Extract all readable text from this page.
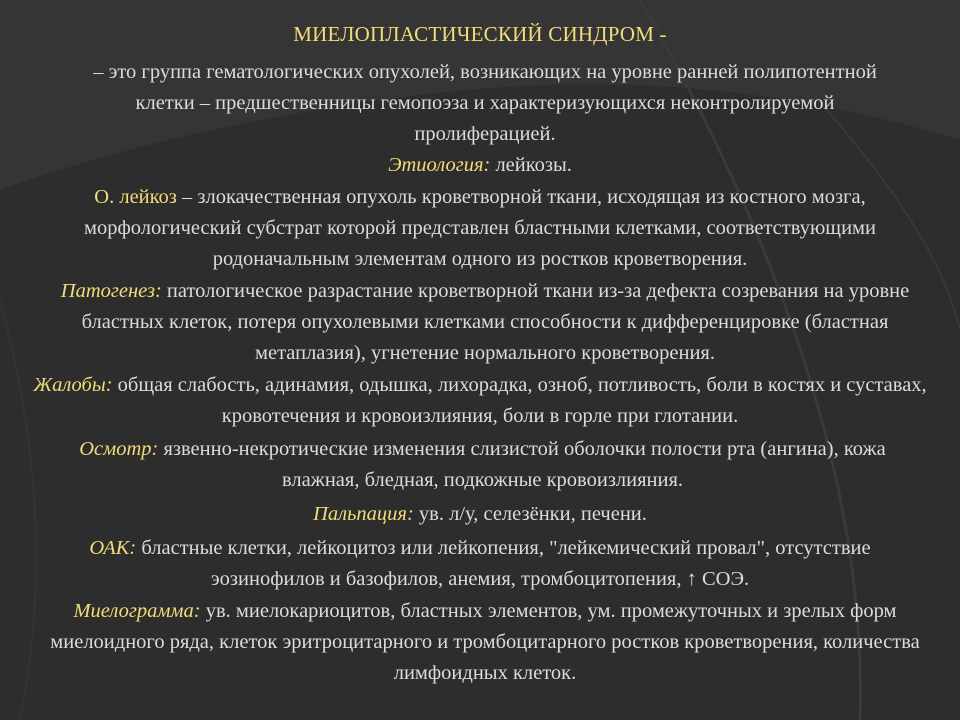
МИЕЛОПЛАСТИЧЕСКИЙ СИНДРОМ -

– это группа гематологических опухолей, возникающих на уровне ранней полипотентной клетки – предшественницы гемопоэза и характеризующихся неконтролируемой пролиферацией.

Этиология: лейкозы.

О. лейкоз – злокачественная опухоль кроветворной ткани, исходящая из костного мозга, морфологический субстрат которой представлен бластными клетками, соответствующими родоначальным элементам одного из ростков кроветворения.

Патогенез: патологическое разрастание кроветворной ткани из-за дефекта созревания на уровне бластных клеток, потеря опухолевыми клетками способности к дифференцировке (бластная метаплазия), угнетение нормального кроветворения.

Жалобы: общая слабость, адинамия, одышка, лихорадка, озноб, потливость, боли в костях и суставах, кровотечения и кровоизлияния, боли в горле при глотании.

Осмотр: язвенно-некротические изменения слизистой оболочки полости рта (ангина), кожа влажная, бледная, подкожные кровоизлияния.

Пальпация: ув. л/у, селезёнки, печени.

ОАК: бластные клетки, лейкоцитоз или лейкопения, "лейкемический провал", отсутствие эозинофилов и базофилов, анемия, тромбоцитопения, ↑ СОЭ.

Миелограмма: ув. миелокариоцитов, бластных элементов, ум. промежуточных и зрелых форм миелоидного ряда, клеток эритроцитарного и тромбоцитарного ростков кроветворения, количества лимфоидных клеток.
